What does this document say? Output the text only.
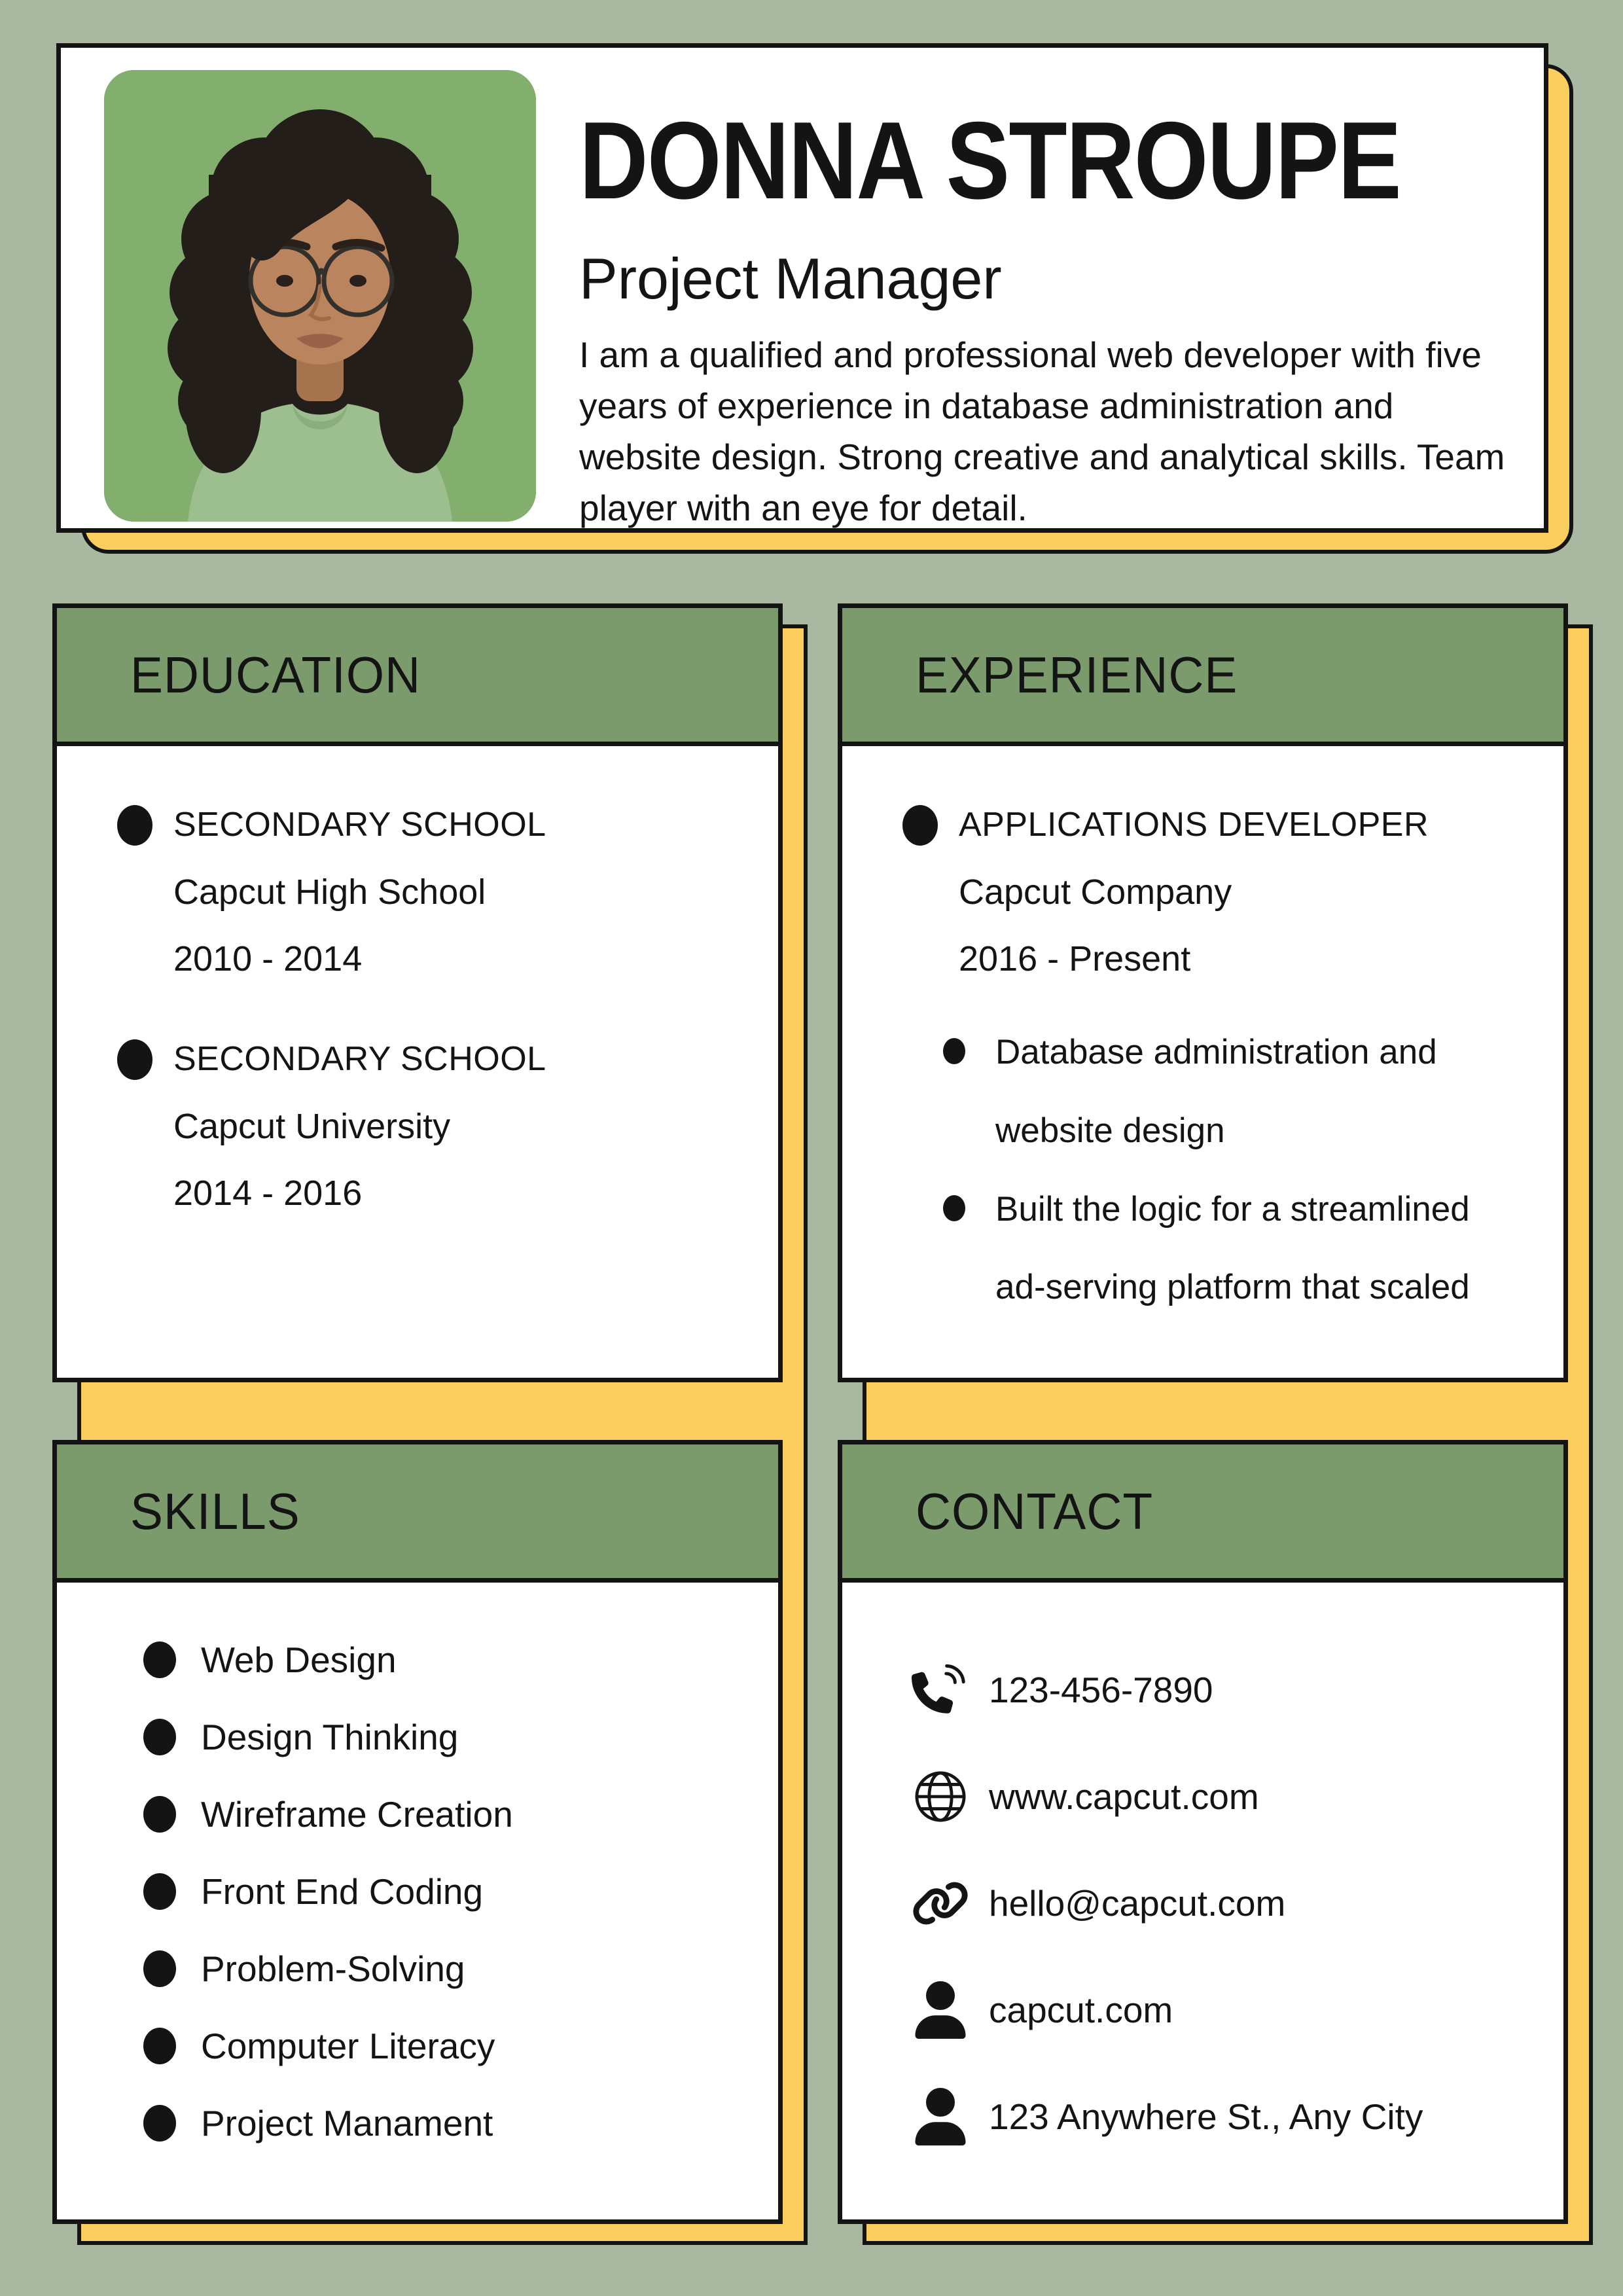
DONNA STROUPE
Project Manager

I am a qualified and professional web developer with five years of experience in database administration and website design. Strong creative and analytical skills. Team player with an eye for detail.

EDUCATION
SECONDARY SCHOOL
Capcut High School
2010 - 2014
SECONDARY SCHOOL
Capcut University
2014 - 2016
EXPERIENCE
APPLICATIONS DEVELOPER
Capcut Company
2016 - Present
Database administration and website design
Built the logic for a streamlined ad-serving platform that scaled
SKILLS
Web Design
Design Thinking
Wireframe Creation
Front End Coding
Problem-Solving
Computer Literacy
Project Manament
CONTACT
123-456-7890
www.capcut.com
hello@capcut.com
capcut.com
123 Anywhere St., Any City
